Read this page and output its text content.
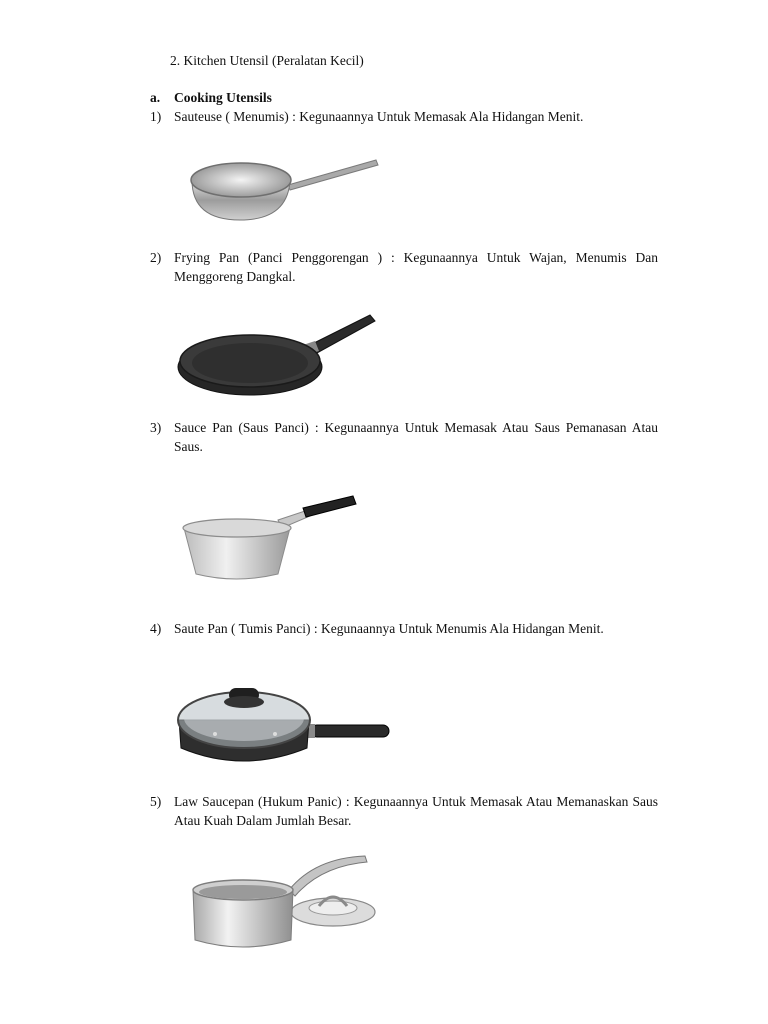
2. Kitchen Utensil (Peralatan Kecil)
a. Cooking Utensils
1) Sauteuse ( Menumis) : Kegunaannya Untuk Memasak Ala Hidangan Menit.
2) Frying Pan (Panci Penggorengan ) : Kegunaannya Untuk Wajan, Menumis Dan Menggoreng Dangkal.
3) Sauce Pan (Saus Panci) : Kegunaannya Untuk Memasak Atau Saus Pemanasan Atau Saus.
4) Saute Pan ( Tumis Panci) : Kegunaannya Untuk Menumis Ala Hidangan Menit.
5) Law Saucepan (Hukum Panic) : Kegunaannya Untuk Memasak Atau Memanaskan Saus Atau Kuah Dalam Jumlah Besar.
